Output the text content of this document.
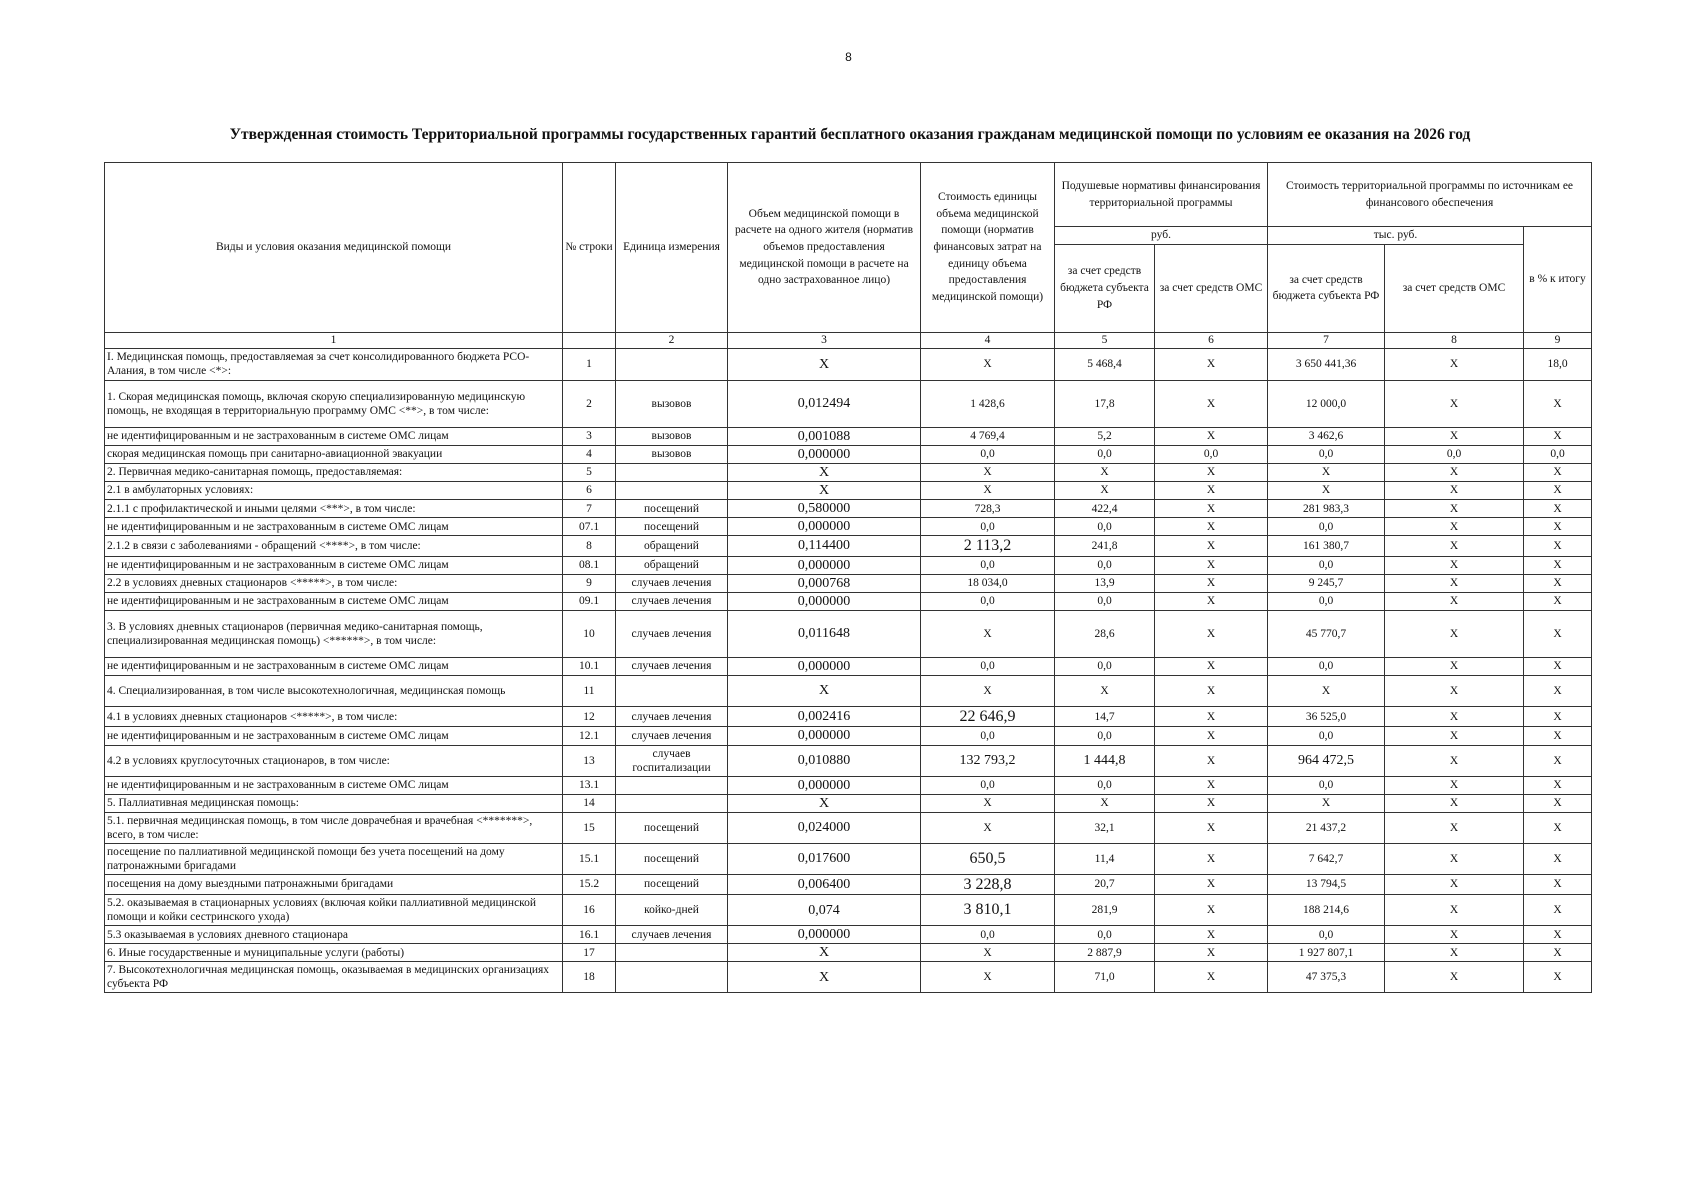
8
Утвержденная стоимость Территориальной программы государственных гарантий бесплатного оказания гражданам медицинской помощи по условиям ее оказания на 2026 год
Виды и условия оказания медицинской помощи	№ строки	Единица измерения	Объем медицинской помощи в расчете на одного жителя (норматив объемов предоставления медицинской помощи в расчете на одно застрахованное лицо)	Стоимость единицы объема медицинской помощи (норматив финансовых затрат на единицу объема предоставления медицинской помощи)	Подушевые нормативы финансирования территориальной программы		Стоимость территориальной программы по источникам ее финансового обеспечения		
					руб.		тыс. руб.		в % к итогу
					за счет средств бюджета субъекта РФ	за счет средств ОМС	за счет средств бюджета субъекта РФ	за счет средств ОМС	
1		2	3	4	5	6	7	8	9
I. Медицинская помощь, предоставляемая за счет консолидированного бюджета РСО-Алания, в том числе <*>:	1		X	X	5 468,4	X	3 650 441,36	X	18,0
1. Скорая медицинская помощь, включая скорую специализированную медицинскую помощь, не входящая в территориальную программу ОМС <**>, в том числе:	2	вызовов	0,012494	1 428,6	17,8	X	12 000,0	X	X
не идентифицированным и не застрахованным в системе ОМС лицам	3	вызовов	0,001088	4 769,4	5,2	X	3 462,6	X	X
скорая медицинская помощь при санитарно-авиационной эвакуации	4	вызовов	0,000000	0,0	0,0	0,0	0,0	0,0	0,0
2. Первичная медико-санитарная помощь, предоставляемая:	5		X	X	X	X	X	X	X
2.1 в амбулаторных условиях:	6		X	X	X	X	X	X	X
2.1.1 с профилактической и иными целями <***>, в том числе:	7	посещений	0,580000	728,3	422,4	X	281 983,3	X	X
не идентифицированным и не застрахованным в системе ОМС лицам	07.1	посещений	0,000000	0,0	0,0	X	0,0	X	X
2.1.2 в связи с заболеваниями - обращений <****>, в том числе:	8	обращений	0,114400	2 113,2	241,8	X	161 380,7	X	X
не идентифицированным и не застрахованным в системе ОМС лицам	08.1	обращений	0,000000	0,0	0,0	X	0,0	X	X
2.2 в условиях дневных стационаров <*****>, в том числе:	9	случаев лечения	0,000768	18 034,0	13,9	X	9 245,7	X	X
не идентифицированным и не застрахованным в системе ОМС лицам	09.1	случаев лечения	0,000000	0,0	0,0	X	0,0	X	X
3. В условиях дневных стационаров (первичная медико-санитарная помощь, специализированная медицинская помощь) <******>, в том числе:	10	случаев лечения	0,011648	X	28,6	X	45 770,7	X	X
не идентифицированным и не застрахованным в системе ОМС лицам	10.1	случаев лечения	0,000000	0,0	0,0	X	0,0	X	X
4. Специализированная, в том числе высокотехнологичная, медицинская помощь	11		X	X	X	X	X	X	X
4.1 в условиях дневных стационаров <*****>, в том числе:	12	случаев лечения	0,002416	22 646,9	14,7	X	36 525,0	X	X
не идентифицированным и не застрахованным в системе ОМС лицам	12.1	случаев лечения	0,000000	0,0	0,0	X	0,0	X	X
4.2 в условиях круглосуточных стационаров, в том числе:	13	случаев госпитализации	0,010880	132 793,2	1 444,8	X	964 472,5	X	X
не идентифицированным и не застрахованным в системе ОМС лицам	13.1		0,000000	0,0	0,0	X	0,0	X	X
5. Паллиативная медицинская помощь:	14		X	X	X	X	X	X	X
5.1. первичная медицинская помощь, в том числе доврачебная и врачебная <*******>, всего, в том числе:	15	посещений	0,024000	X	32,1	X	21 437,2	X	X
посещение по паллиативной медицинской помощи без учета посещений на дому патронажными бригадами	15.1	посещений	0,017600	650,5	11,4	X	7 642,7	X	X
посещения на дому выездными патронажными бригадами	15.2	посещений	0,006400	3 228,8	20,7	X	13 794,5	X	X
5.2. оказываемая в стационарных условиях (включая койки паллиативной медицинской помощи и койки сестринского ухода)	16	койко-дней	0,074	3 810,1	281,9	X	188 214,6	X	X
5.3 оказываемая в условиях дневного стационара	16.1	случаев лечения	0,000000	0,0	0,0	X	0,0	X	X
6. Иные государственные и муниципальные услуги (работы)	17		X	X	2 887,9	X	1 927 807,1	X	X
7. Высокотехнологичная медицинская помощь, оказываемая в медицинских организациях субъекта РФ	18		X	X	71,0	X	47 375,3	X	X
